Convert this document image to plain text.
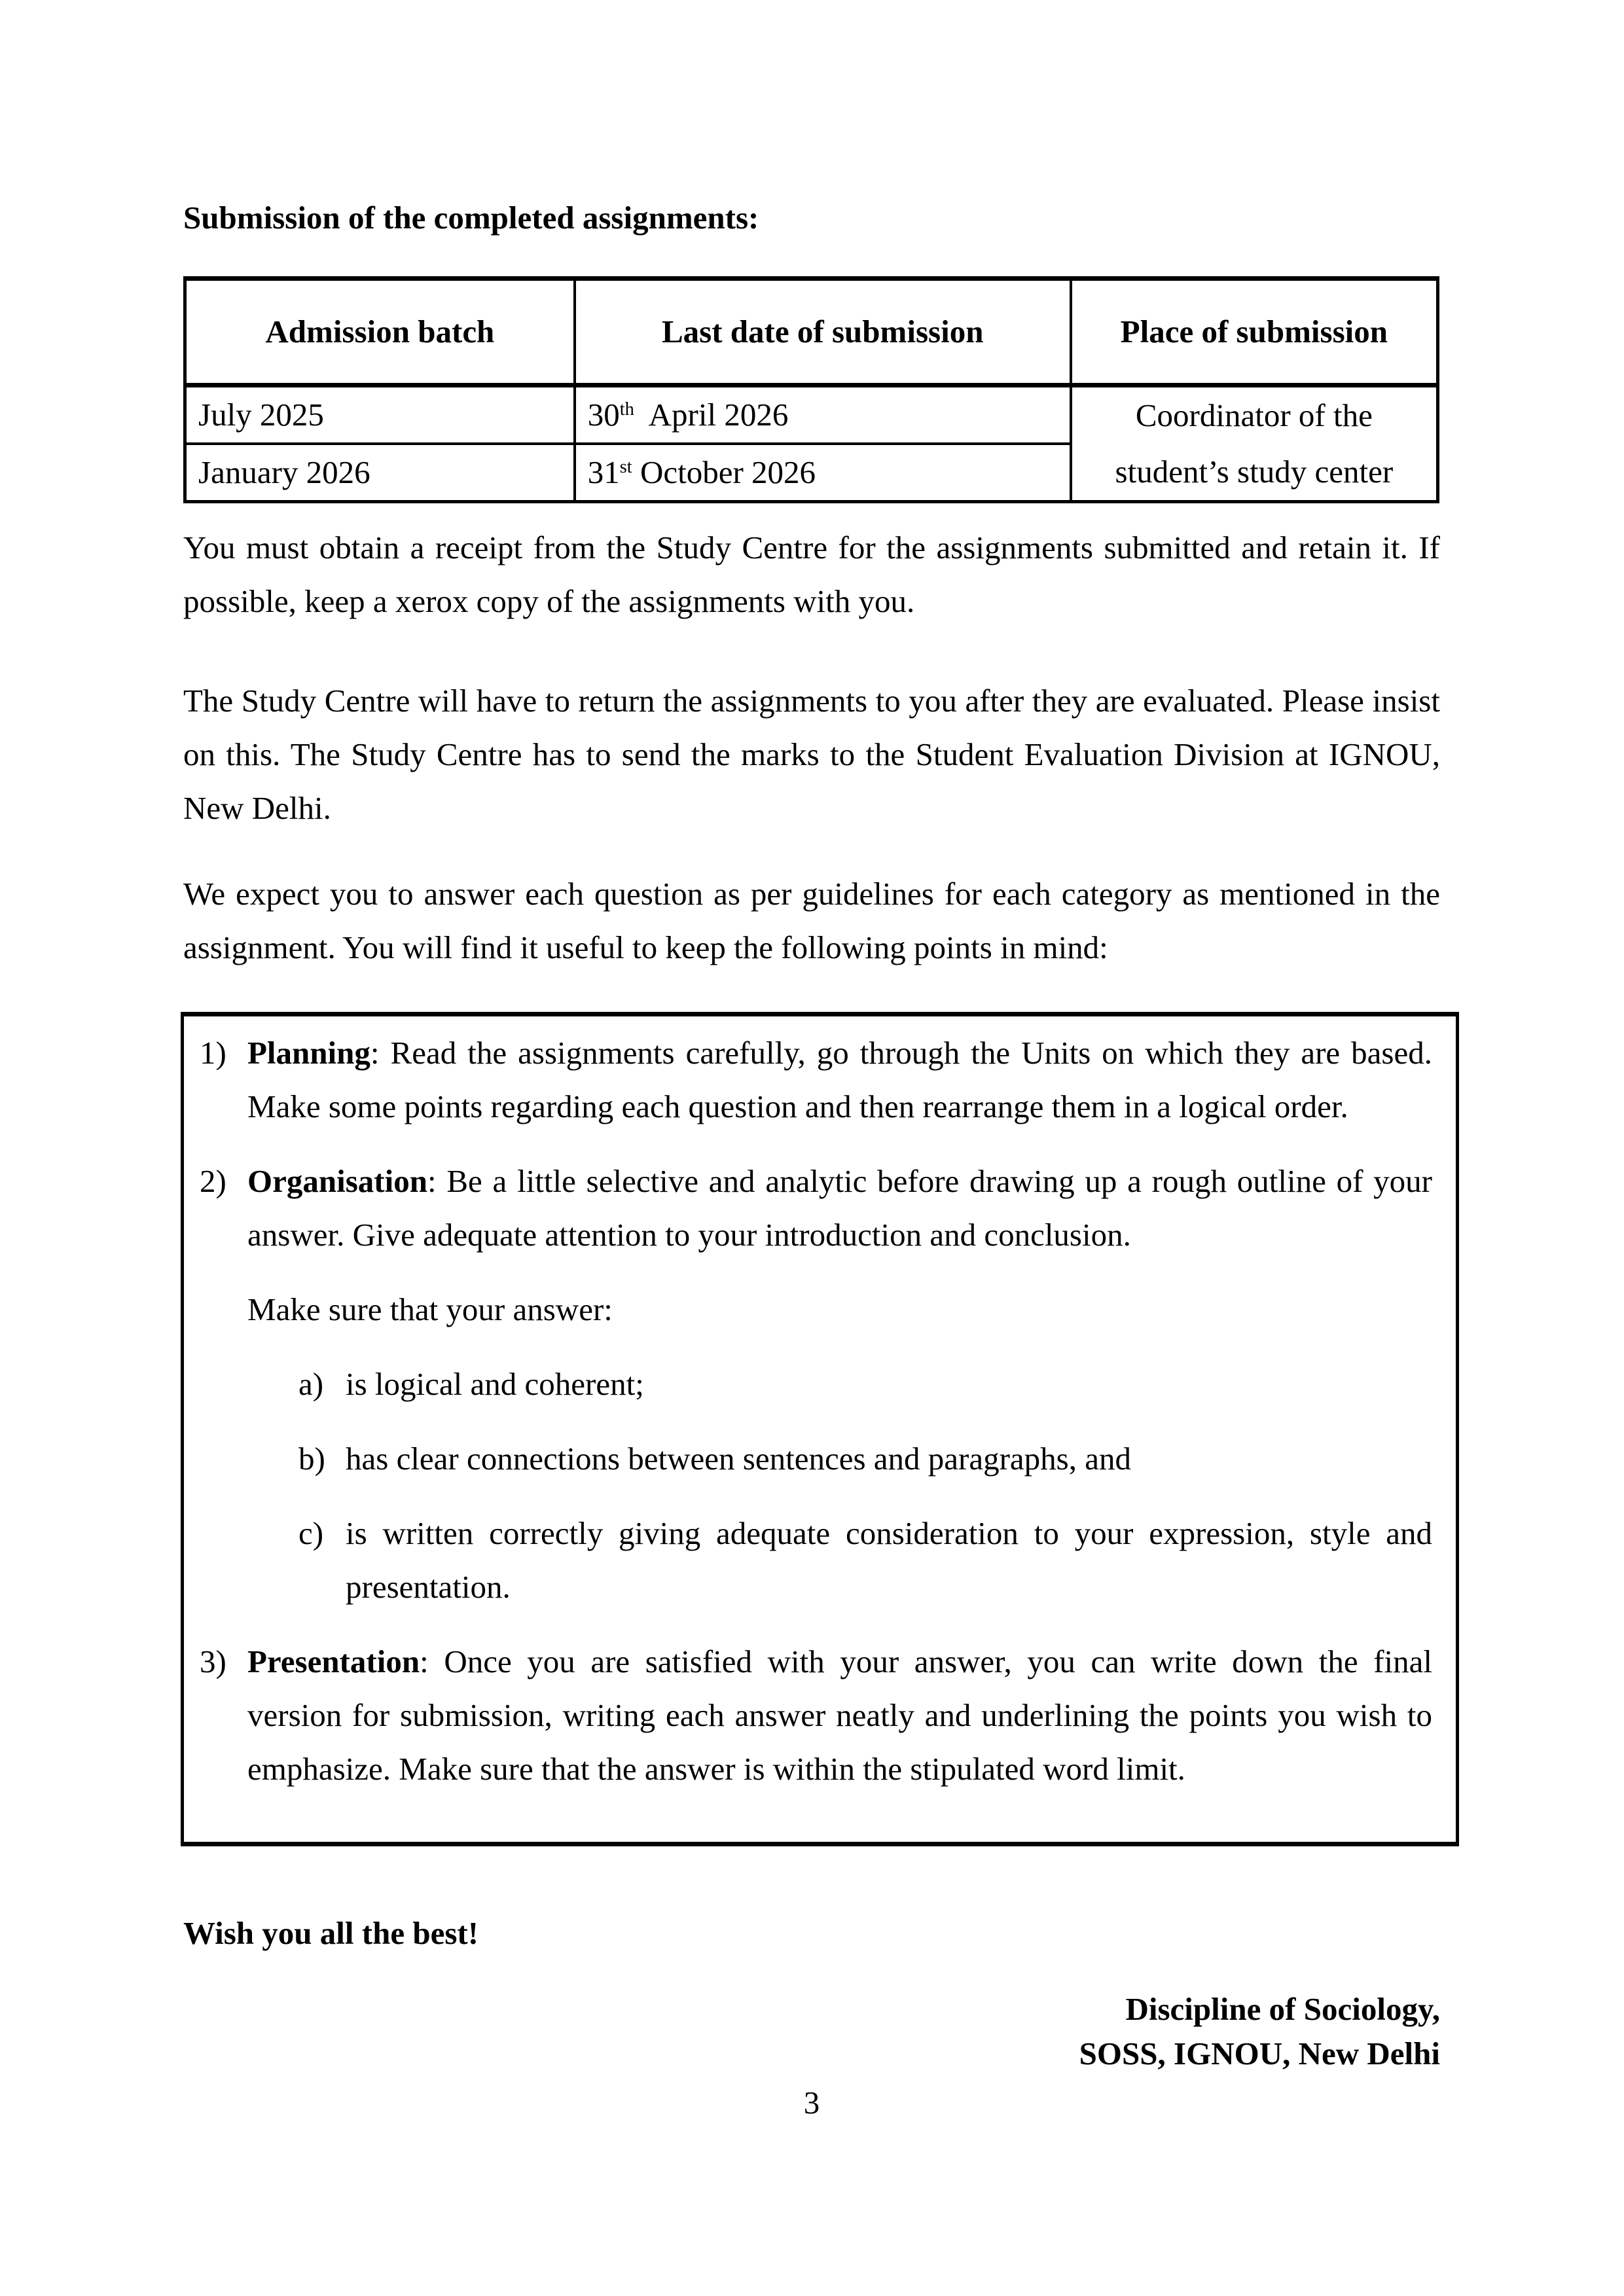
Submission of the completed assignments:
Admission batch	Last date of submission	Place of submission
July 2025	30th  April 2026	Coordinator of the
student’s study center

January 2026	31st October 2026	

You must obtain a receipt from the Study Centre for the assignments submitted and retain it. If possible, keep a xerox copy of the assignments with you.

The Study Centre will have to return the assignments to you after they are evaluated. Please insist on this. The Study Centre has to send the marks to the Student Evaluation Division at IGNOU, New Delhi.

We expect you to answer each question as per guidelines for each category as mentioned in the assignment. You will find it useful to keep the following points in mind:

1) Planning: Read the assignments carefully, go through the Units on which they are based. Make some points regarding each question and then rearrange them in a logical order.

2) Organisation: Be a little selective and analytic before drawing up a rough outline of your answer. Give adequate attention to your introduction and conclusion.

Make sure that your answer:

a) is logical and coherent;
b) has clear connections between sentences and paragraphs, and
c) is written correctly giving adequate consideration to your expression, style and presentation.
3) Presentation: Once you are satisfied with your answer, you can write down the final version for submission, writing each answer neatly and underlining the points you wish to emphasize. Make sure that the answer is within the stipulated word limit.

Wish you all the best!

Discipline of Sociology,
SOSS, IGNOU, New Delhi
3
